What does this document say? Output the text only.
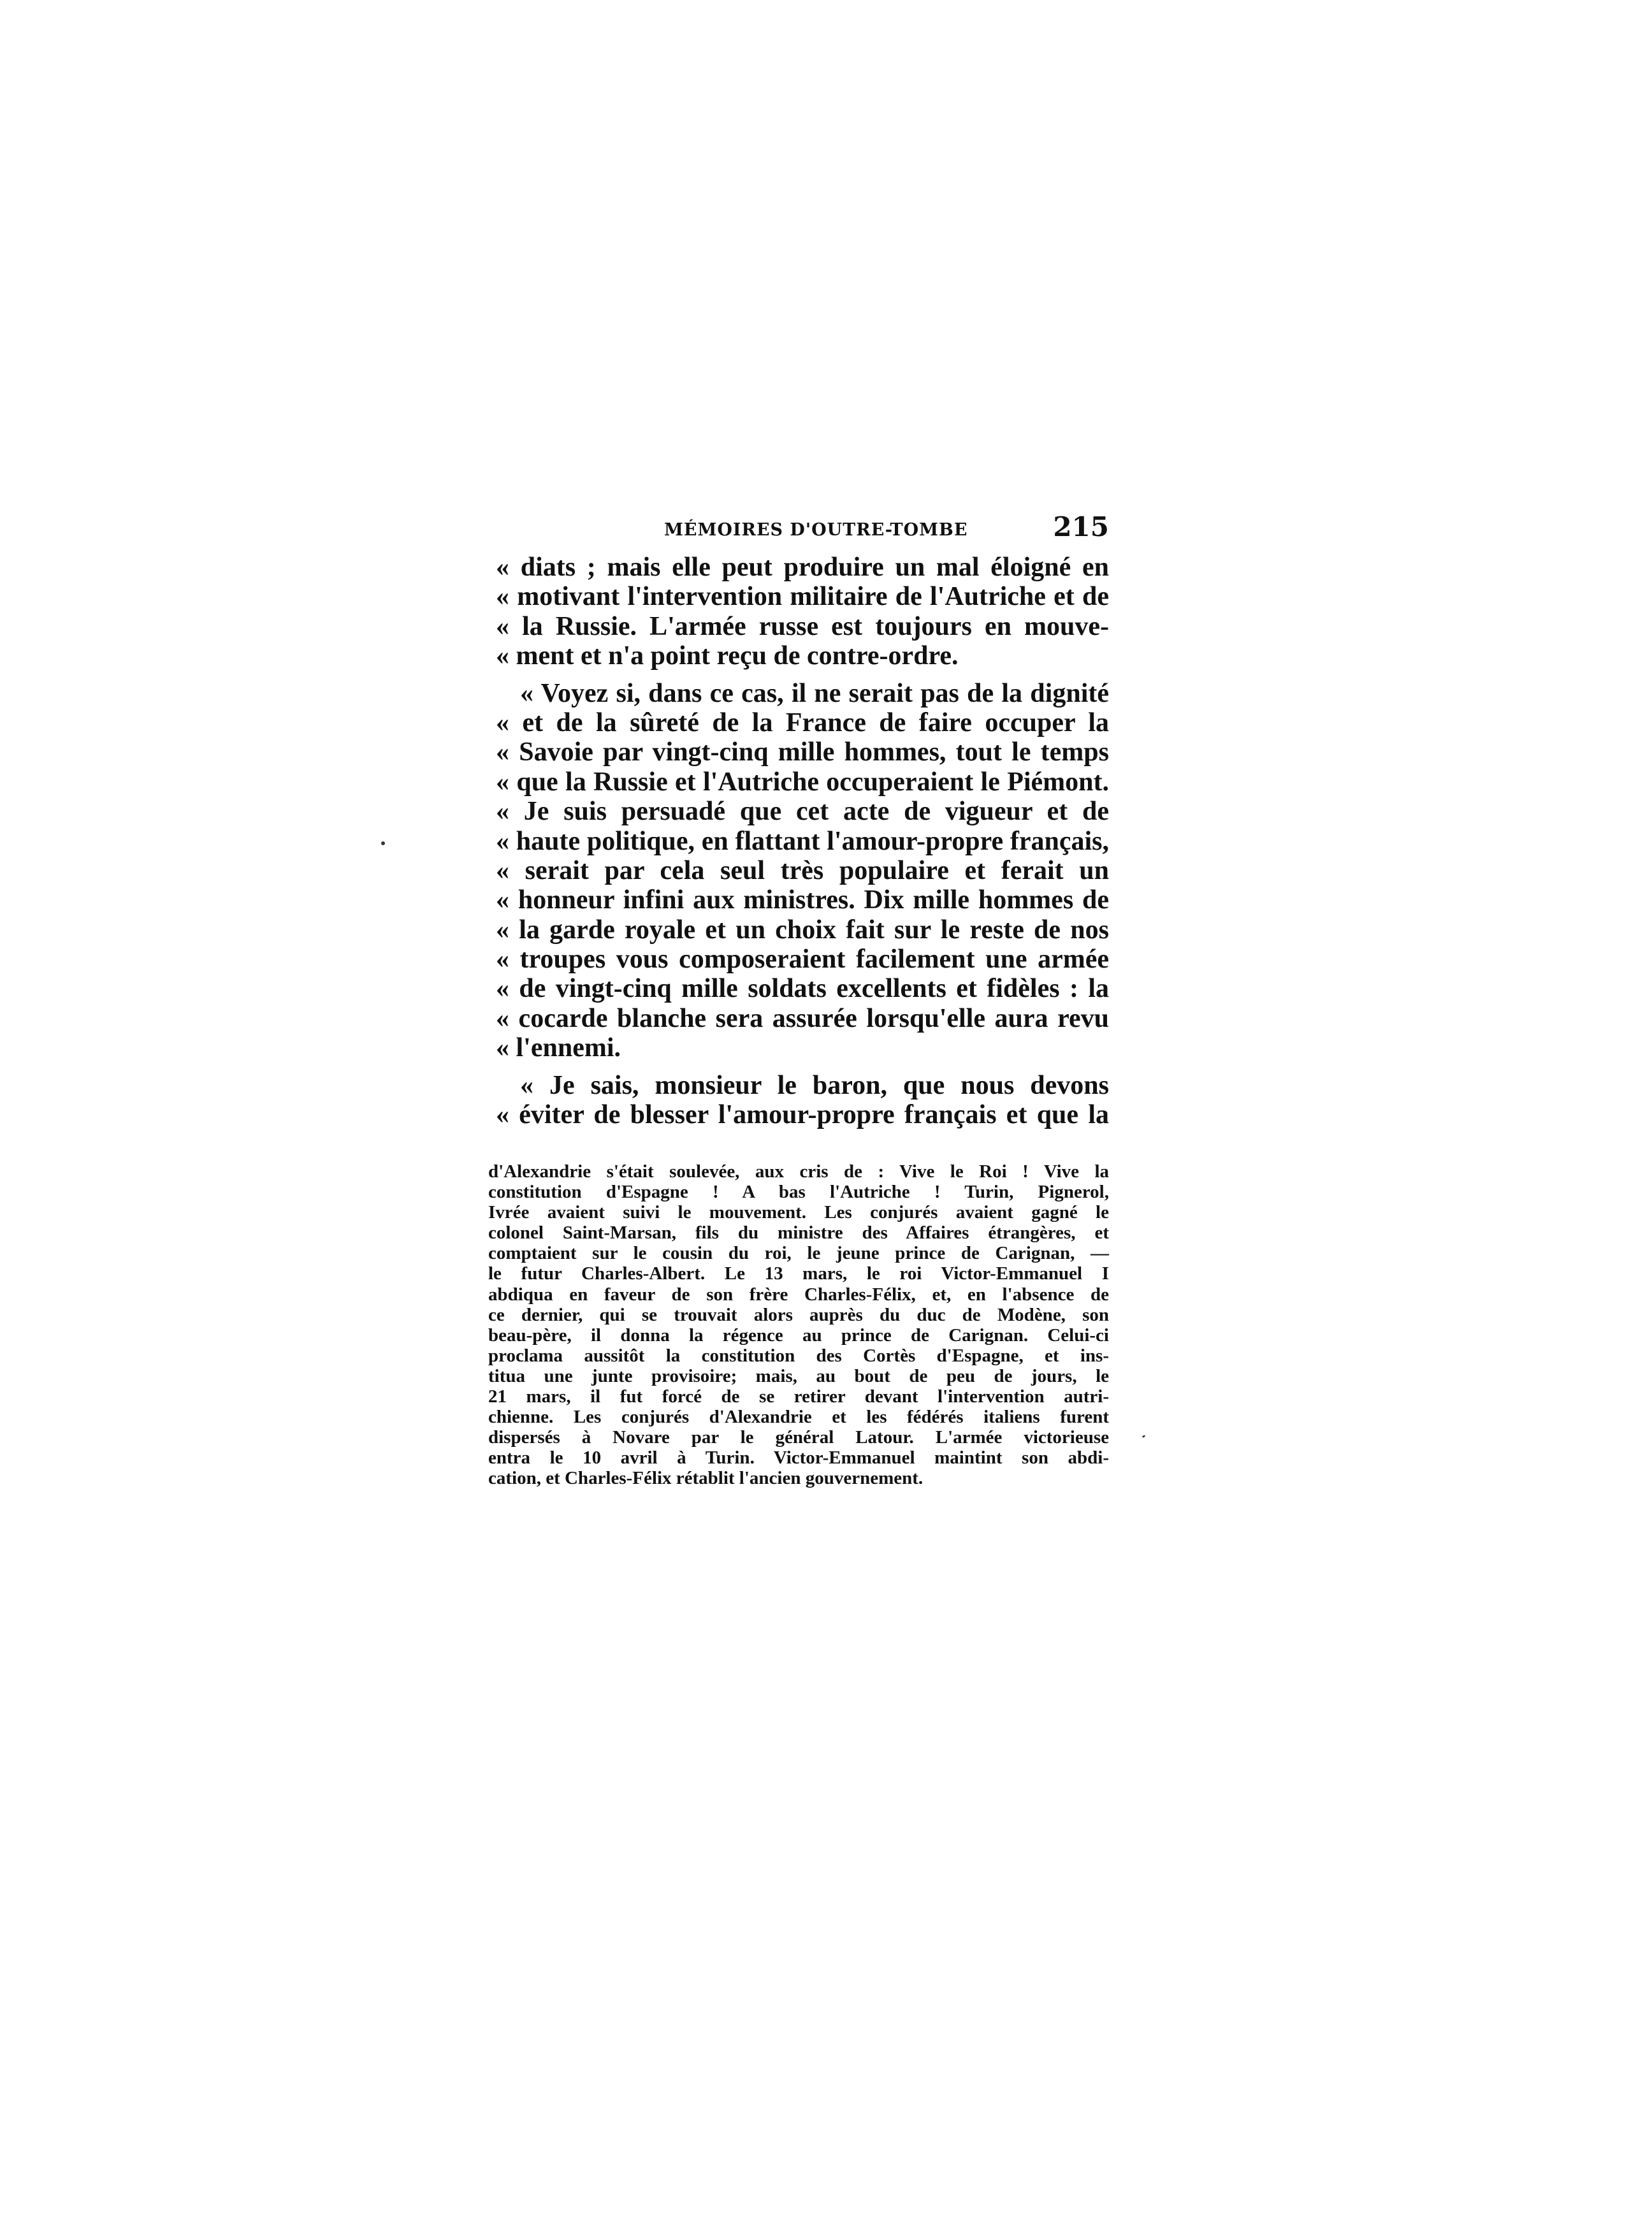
MÉMOIRES D'OUTRE-TOMBE	215
« diats ; mais elle peut produire un mal éloigné en
« motivant l'intervention militaire de l'Autriche et de
« la Russie. L'armée russe est toujours en mouve-
« ment et n'a point reçu de contre-ordre.
« Voyez si, dans ce cas, il ne serait pas de la dignité
« et de la sûreté de la France de faire occuper la
« Savoie par vingt-cinq mille hommes, tout le temps
« que la Russie et l'Autriche occuperaient le Piémont.
« Je suis persuadé que cet acte de vigueur et de
« haute politique, en flattant l'amour-propre français,
« serait par cela seul très populaire et ferait un
« honneur infini aux ministres. Dix mille hommes de
« la garde royale et un choix fait sur le reste de nos
« troupes vous composeraient facilement une armée
« de vingt-cinq mille soldats excellents et fidèles : la
« cocarde blanche sera assurée lorsqu'elle aura revu
« l'ennemi.
« Je sais, monsieur le baron, que nous devons
« éviter de blesser l'amour-propre français et que la
d'Alexandrie s'était soulevée, aux cris de : Vive le Roi ! Vive la
constitution d'Espagne ! A bas l'Autriche ! Turin, Pignerol,
Ivrée avaient suivi le mouvement. Les conjurés avaient gagné le
colonel Saint-Marsan, fils du ministre des Affaires étrangères, et
comptaient sur le cousin du roi, le jeune prince de Carignan, —
le futur Charles-Albert. Le 13 mars, le roi Victor-Emmanuel I
abdiqua en faveur de son frère Charles-Félix, et, en l'absence de
ce dernier, qui se trouvait alors auprès du duc de Modène, son
beau-père, il donna la régence au prince de Carignan. Celui-ci
proclama aussitôt la constitution des Cortès d'Espagne, et ins-
titua une junte provisoire; mais, au bout de peu de jours, le
21 mars, il fut forcé de se retirer devant l'intervention autri-
chienne. Les conjurés d'Alexandrie et les fédérés italiens furent
dispersés à Novare par le général Latour. L'armée victorieuse
entra le 10 avril à Turin. Victor-Emmanuel maintint son abdi-
cation, et Charles-Félix rétablit l'ancien gouvernement.
